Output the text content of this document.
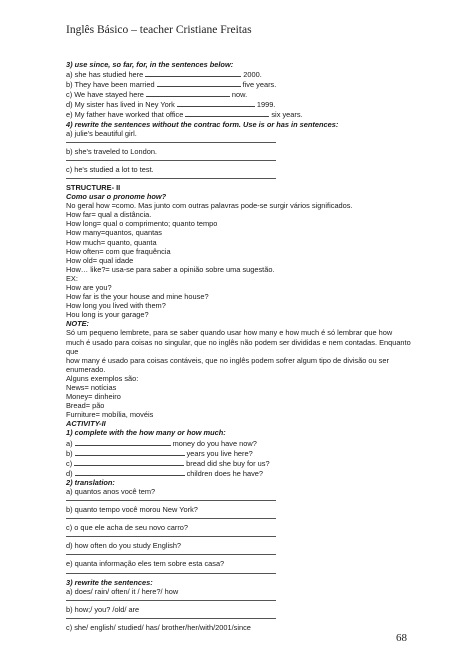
Inglês Básico – teacher Cristiane Freitas
3) use since, so far, for, in the sentences below:
a) she has studied here	2000.
b) They have been married	five years.
c) We have stayed here	now.
d) My sister has lived in Ney York	1999.
e) My father have worked that office	six years.
4) rewrite the sentences without the contrac form. Use is or has in sentences:
a) julie's beautiful girl.
b) she's traveled to London.
c) he's studied a lot to test.
STRUCTURE- II
Como usar o pronome how?
No geral how =como. Mas junto com outras palavras pode-se surgir vários significados.
How far= qual a distância.
How long= qual o comprimento; quanto tempo
How many=quantos, quantas
How much= quanto, quanta
How often= com que fraquência
How old= qual idade
How… like?= usa-se para saber a opinião sobre uma sugestão.
EX:
How are you?
How far is the your house and mine house?
How long you lived with them?
Hou long is your garage?
NOTE:
Só um pequeno lembrete, para se saber quando usar how many e how much é só lembrar que how
much é usado para coisas no singular, que no inglês não podem ser divididas e nem contadas. Enquanto que
how many é usado para coisas contáveis, que no inglês podem sofrer algum tipo de divisão ou ser
enumerado.
Alguns exemplos são:
News= notícias
Money= dinheiro
Bread= pão
Furniture= mobília, movéis
ACTIVITY-II
1) complete with the how many or how much:
a)	money do you have now?
b)	years you live here?
c)	bread did she buy for us?
d)	children does he have?
2) translation:
a) quantos anos você tem?
b) quanto tempo você morou New York?
c) o que ele acha de seu novo carro?
d) how often do you study English?
e) quanta informação eles tem sobre esta casa?
3) rewrite the sentences:
a) does/ rain/ often/ it / here?/ how
b) how;/ you? /old/ are
c) she/ english/ studied/ has/ brother/her/with/2001/since
68
